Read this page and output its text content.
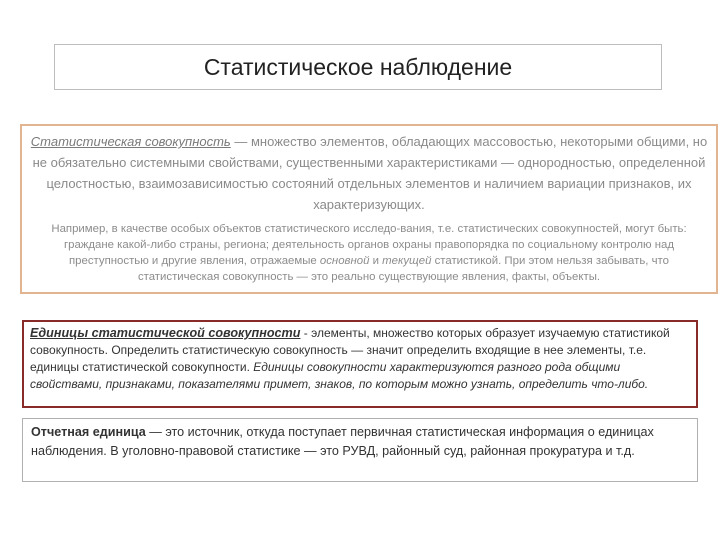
Статистическое наблюдение

Статистическая совокупность — множество элементов, обладающих массовостью, некоторыми общими, но не обязательно системными свойствами, существенными характеристиками — однородностью, определенной целостностью, взаимозависимостью состояний отдельных элементов и наличием вариации признаков, их характеризующих.

Например, в качестве особых объектов статистического исследо-вания, т.е. статистических совокупностей, могут быть: граждане какой-либо страны, региона; деятельность органов охраны правопорядка по социальному контролю над преступностью и другие явления, отражаемые основной и текущей статистикой. При этом нельзя забывать, что статистическая совокупность — это реально существующие явления, факты, объекты.

Единицы статистической совокупности - элементы, множество которых образует изучаемую статистикой совокупность. Определить статистическую совокупность — значит определить входящие в нее элементы, т.е. единицы статистической совокупности. Единицы совокупности характеризуются разного рода общими свойствами, признаками, показателями примет, знаков, по которым можно узнать, определить что-либо.

Отчетная единица — это источник, откуда поступает первичная статистическая информация о единицах наблюдения. В уголовно-правовой статистике — это РУВД, районный суд, районная прокуратура и т.д.
